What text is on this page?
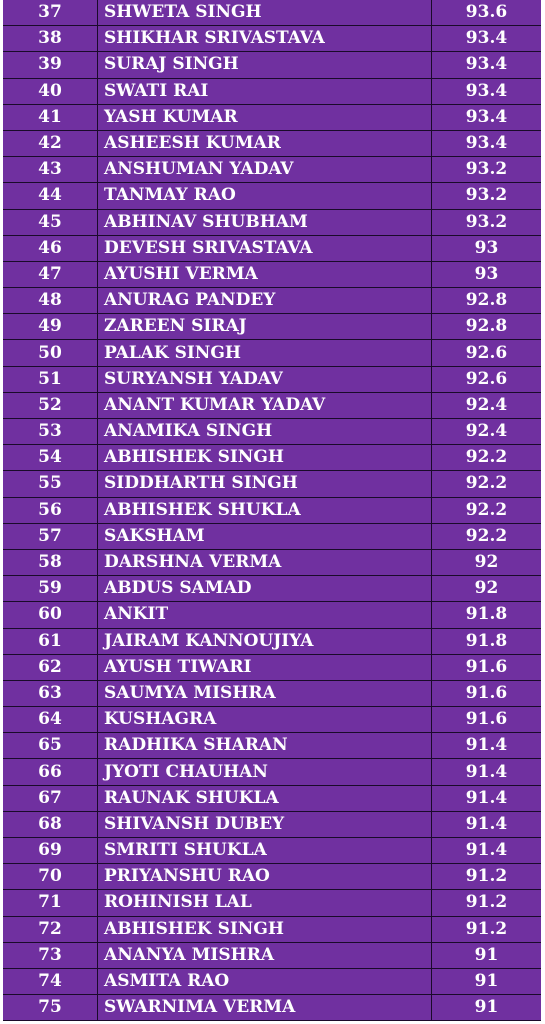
37	SHWETA SINGH	93.6
38	SHIKHAR SRIVASTAVA	93.4
39	SURAJ SINGH	93.4
40	SWATI RAI	93.4
41	YASH KUMAR	93.4
42	ASHEESH KUMAR	93.4
43	ANSHUMAN YADAV	93.2
44	TANMAY RAO	93.2
45	ABHINAV SHUBHAM	93.2
46	DEVESH SRIVASTAVA	93
47	AYUSHI VERMA	93
48	ANURAG PANDEY	92.8
49	ZAREEN SIRAJ	92.8
50	PALAK SINGH	92.6
51	SURYANSH YADAV	92.6
52	ANANT KUMAR YADAV	92.4
53	ANAMIKA SINGH	92.4
54	ABHISHEK SINGH	92.2
55	SIDDHARTH SINGH	92.2
56	ABHISHEK SHUKLA	92.2
57	SAKSHAM	92.2
58	DARSHNA VERMA	92
59	ABDUS SAMAD	92
60	ANKIT	91.8
61	JAIRAM KANNOUJIYA	91.8
62	AYUSH TIWARI	91.6
63	SAUMYA MISHRA	91.6
64	KUSHAGRA	91.6
65	RADHIKA SHARAN	91.4
66	JYOTI CHAUHAN	91.4
67	RAUNAK SHUKLA	91.4
68	SHIVANSH DUBEY	91.4
69	SMRITI SHUKLA	91.4
70	PRIYANSHU RAO	91.2
71	ROHINISH LAL	91.2
72	ABHISHEK SINGH	91.2
73	ANANYA MISHRA	91
74	ASMITA RAO	91
75	SWARNIMA VERMA	91
